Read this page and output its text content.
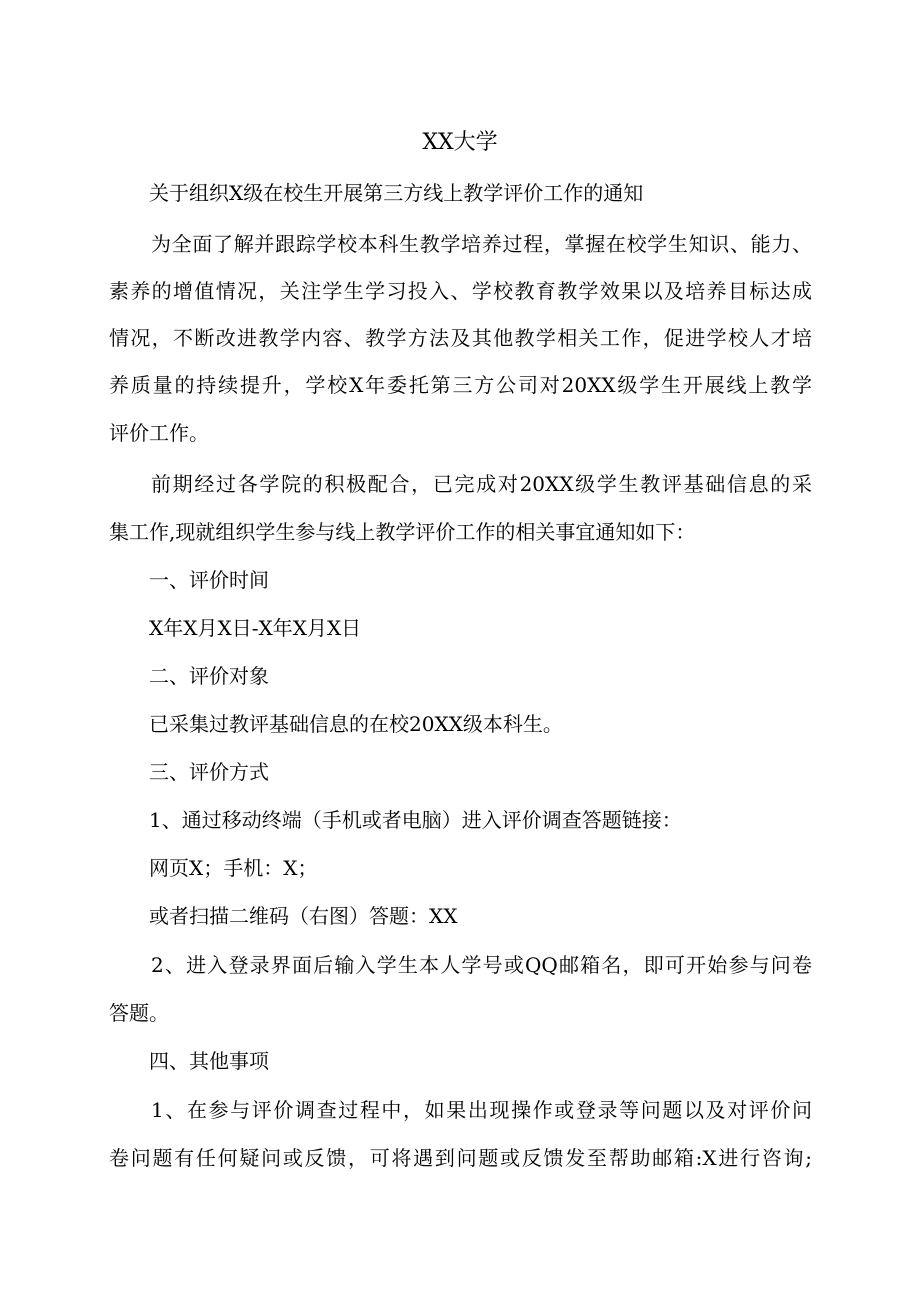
XX大学
关于组织X级在校生开展第三方线上教学评价工作的通知
为全面了解并跟踪学校本科生教学培养过程，掌握在校学生知识、能力、
素养的增值情况，关注学生学习投入、学校教育教学效果以及培养目标达成
情况，不断改进教学内容、教学方法及其他教学相关工作，促进学校人才培
养质量的持续提升，学校X年委托第三方公司对20XX级学生开展线上教学
评价工作。
前期经过各学院的积极配合，已完成对20XX级学生教评基础信息的采
集工作,现就组织学生参与线上教学评价工作的相关事宜通知如下：
一、评价时间
X年X月X日-X年X月X日
二、评价对象
已采集过教评基础信息的在校20XX级本科生。
三、评价方式
1、通过移动终端（手机或者电脑）进入评价调查答题链接：
网页X；手机：X；
或者扫描二维码（右图）答题：XX
2、进入登录界面后输入学生本人学号或QQ邮箱名，即可开始参与问卷
答题。
四、其他事项
1、在参与评价调查过程中，如果出现操作或登录等问题以及对评价问
卷问题有任何疑问或反馈，可将遇到问题或反馈发至帮助邮箱:X进行咨询;
